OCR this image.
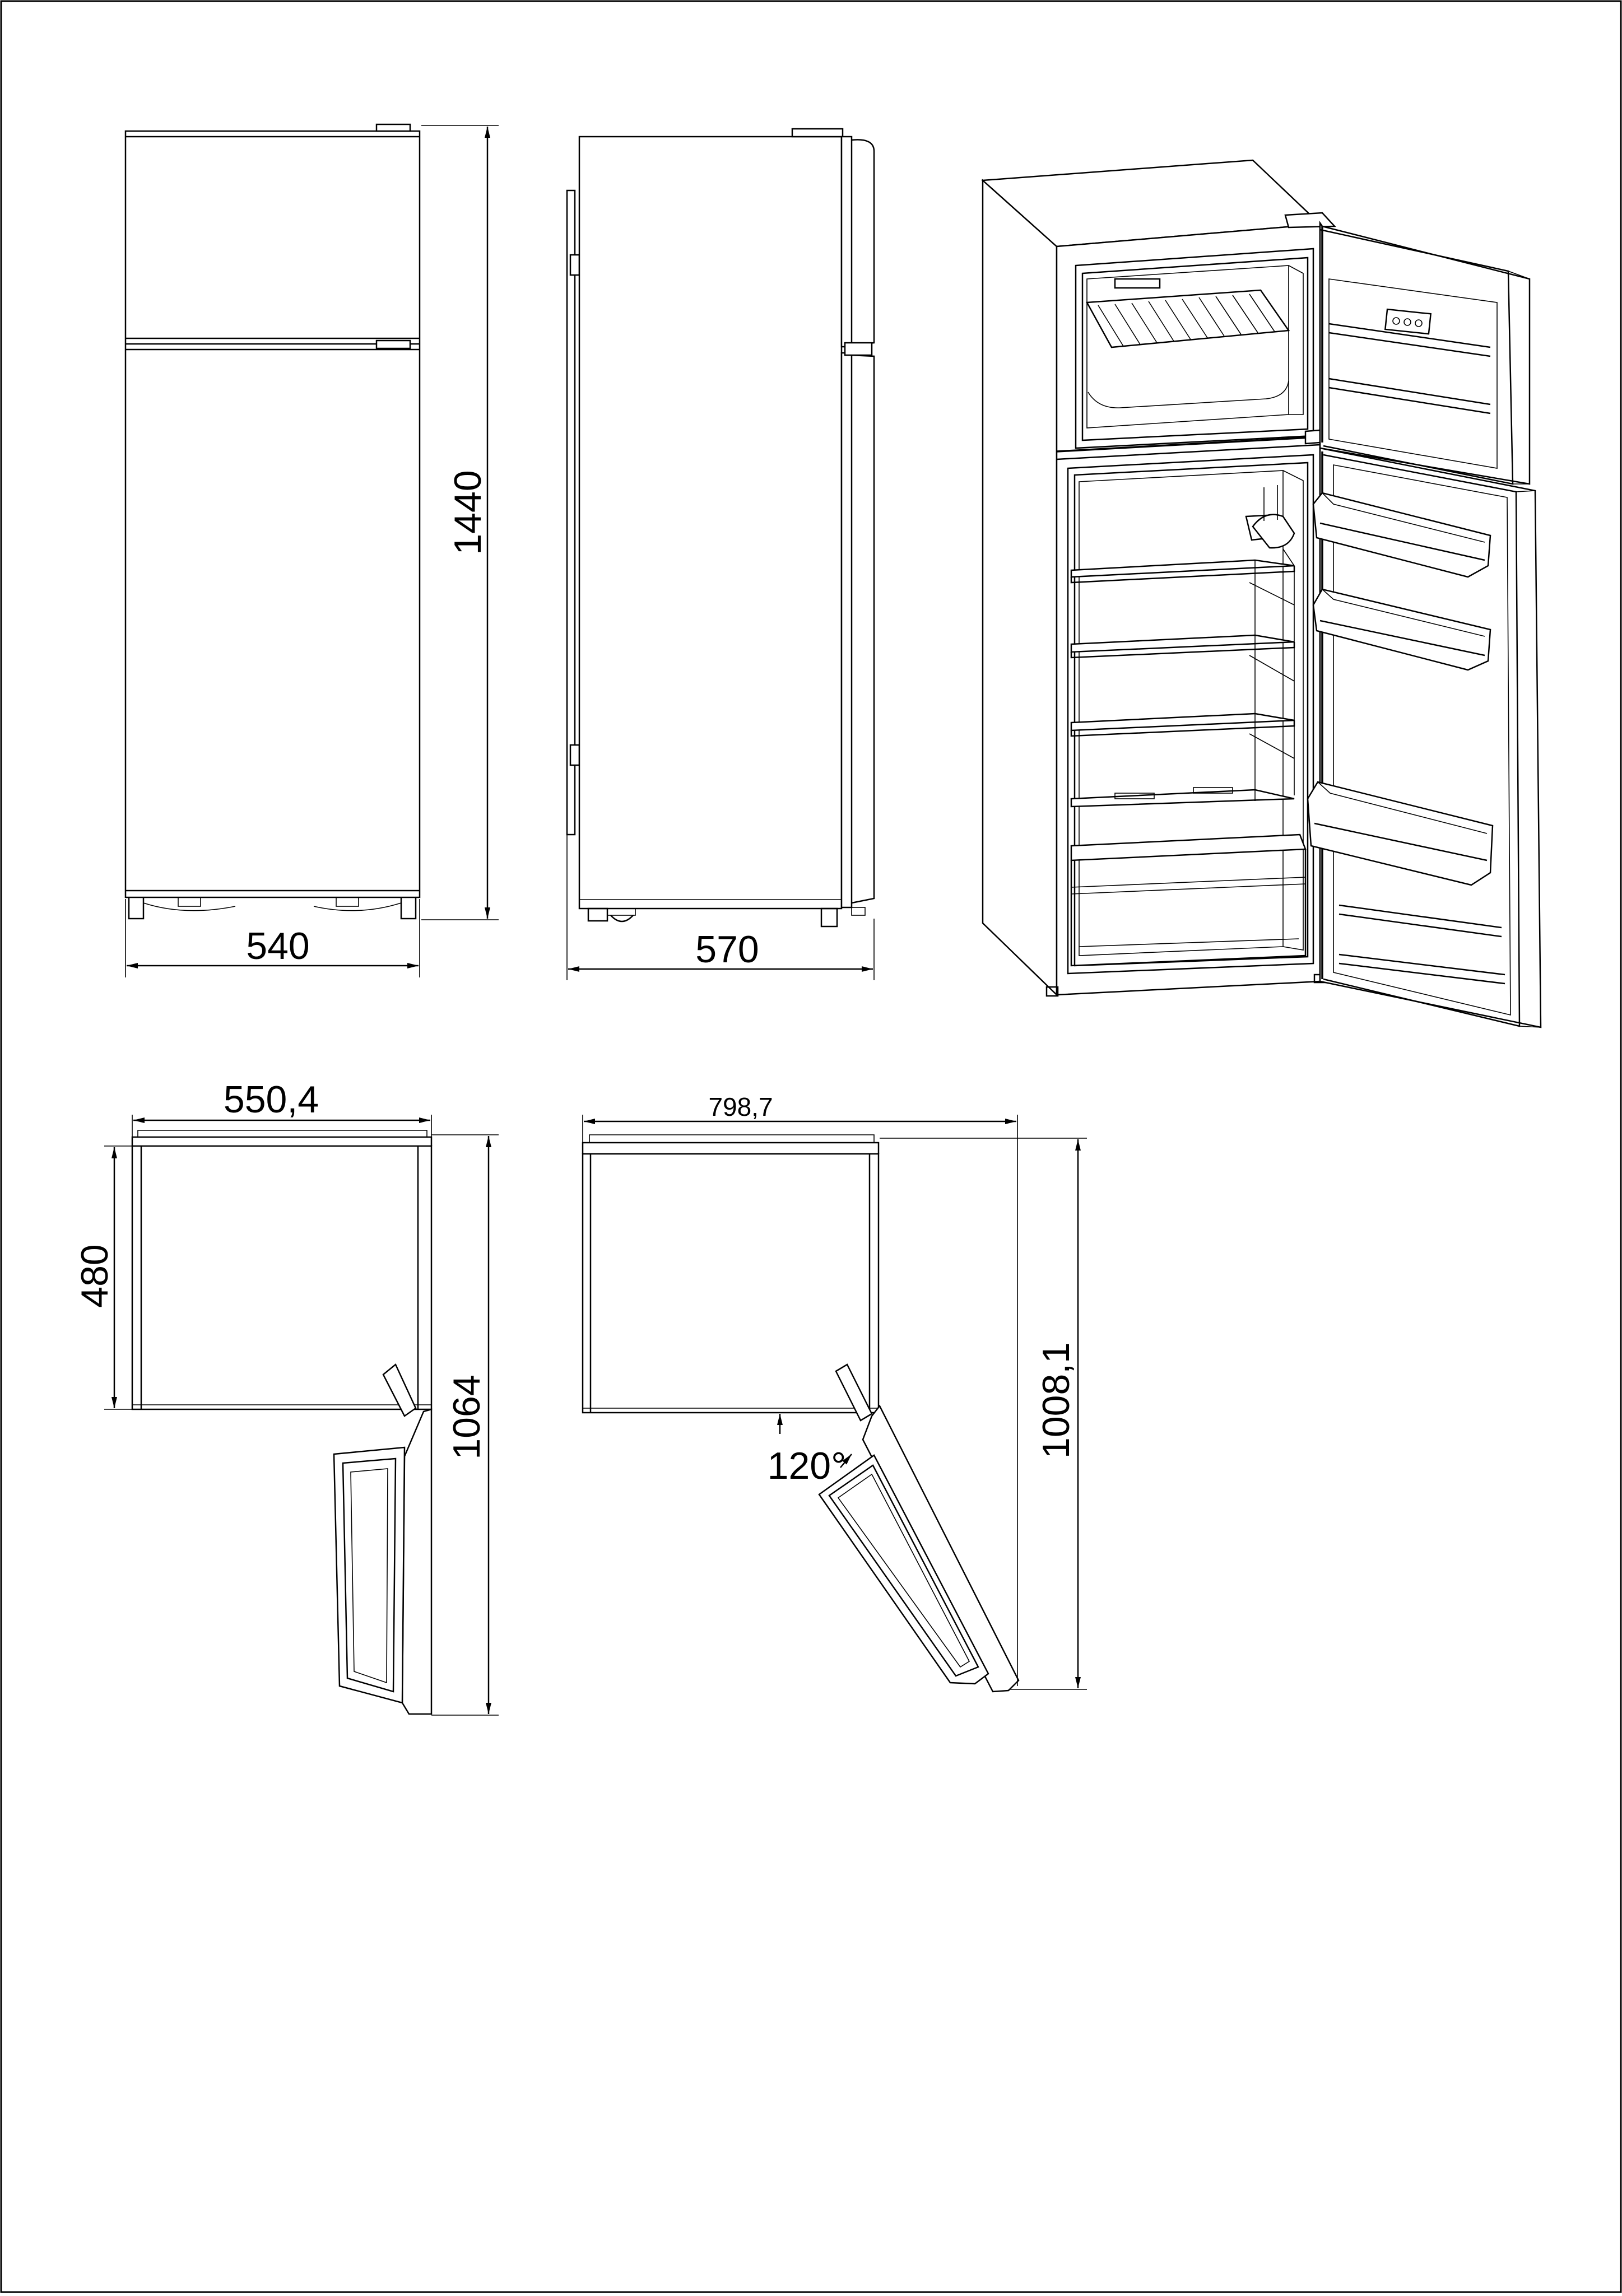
1440
540	570
550,4
480
1064
120°
798,7
1008,1
